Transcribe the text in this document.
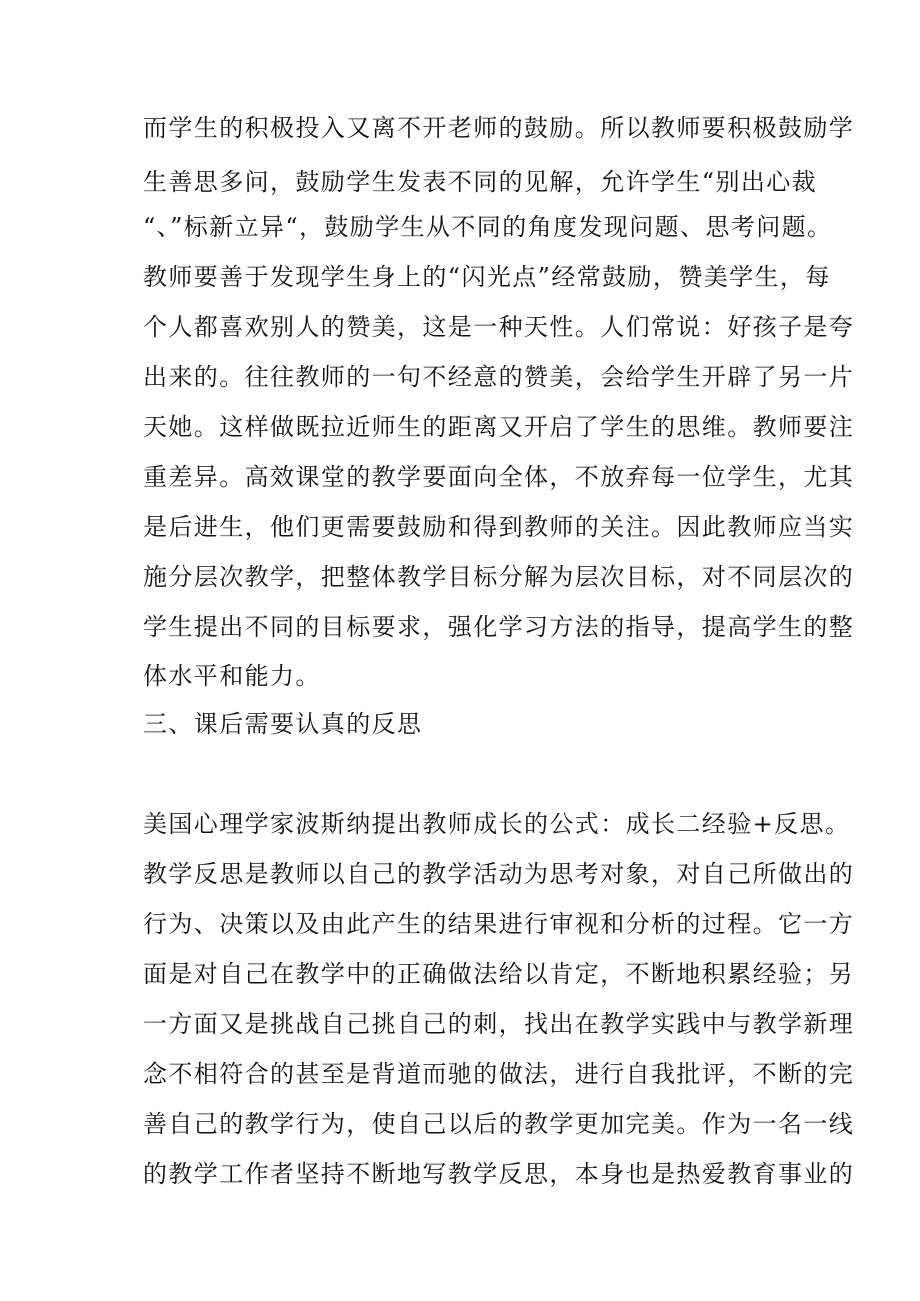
而学生的积极投入又离不开老师的鼓励。所以教师要积极鼓励学
生善思多问，鼓励学生发表不同的见解，允许学生“别出心裁
“、”标新立异“，鼓励学生从不同的角度发现问题、思考问题。
教师要善于发现学生身上的“闪光点”经常鼓励，赞美学生，每
个人都喜欢别人的赞美，这是一种天性。人们常说：好孩子是夸
出来的。往往教师的一句不经意的赞美，会给学生开辟了另一片
天她。这样做既拉近师生的距离又开启了学生的思维。教师要注
重差异。高效课堂的教学要面向全体，不放弃每一位学生，尤其
是后进生，他们更需要鼓励和得到教师的关注。因此教师应当实
施分层次教学，把整体教学目标分解为层次目标，对不同层次的
学生提出不同的目标要求，强化学习方法的指导，提高学生的整
体水平和能力。
三、课后需要认真的反思
美国心理学家波斯纳提出教师成长的公式：成长二经验+反思。
教学反思是教师以自己的教学活动为思考对象，对自己所做出的
行为、决策以及由此产生的结果进行审视和分析的过程。它一方
面是对自己在教学中的正确做法给以肯定，不断地积累经验；另
一方面又是挑战自己挑自己的刺，找出在教学实践中与教学新理
念不相符合的甚至是背道而驰的做法，进行自我批评，不断的完
善自己的教学行为，使自己以后的教学更加完美。作为一名一线
的教学工作者坚持不断地写教学反思，本身也是热爱教育事业的
